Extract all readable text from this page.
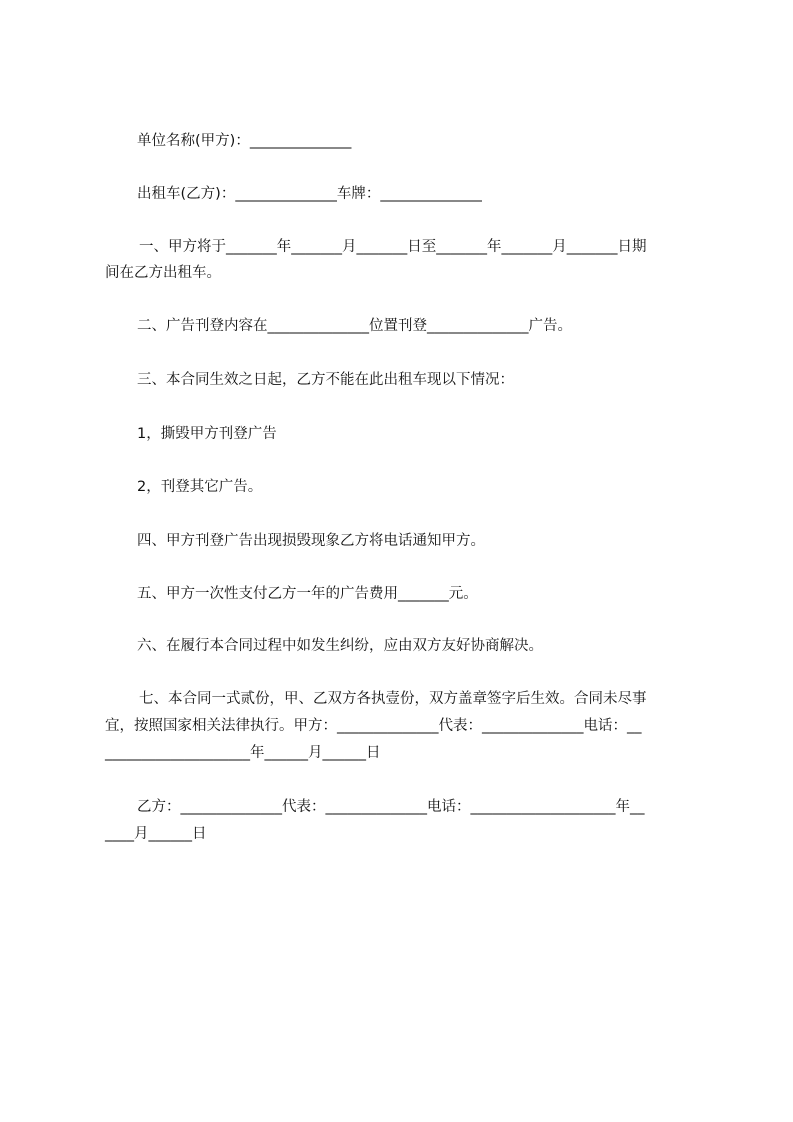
单位名称(甲方)：______________
出租车(乙方)：______________车牌：______________
一、甲方将于_______年_______月_______日至_______年_______月_______日期
间在乙方出租车。
二、广告刊登内容在______________位置刊登______________广告。
三、本合同生效之日起，乙方不能在此出租车现以下情况：
1，撕毁甲方刊登广告
2，刊登其它广告。
四、甲方刊登广告出现损毁现象乙方将电话通知甲方。
五、甲方一次性支付乙方一年的广告费用_______元。
六、在履行本合同过程中如发生纠纷，应由双方友好协商解决。
七、本合同一式贰份，甲、乙双方各执壹份，双方盖章签字后生效。合同未尽事
宜，按照国家相关法律执行。甲方：______________代表：______________电话：__
____________________年______月______日
乙方：______________代表：______________电话：____________________年__
____月______日
